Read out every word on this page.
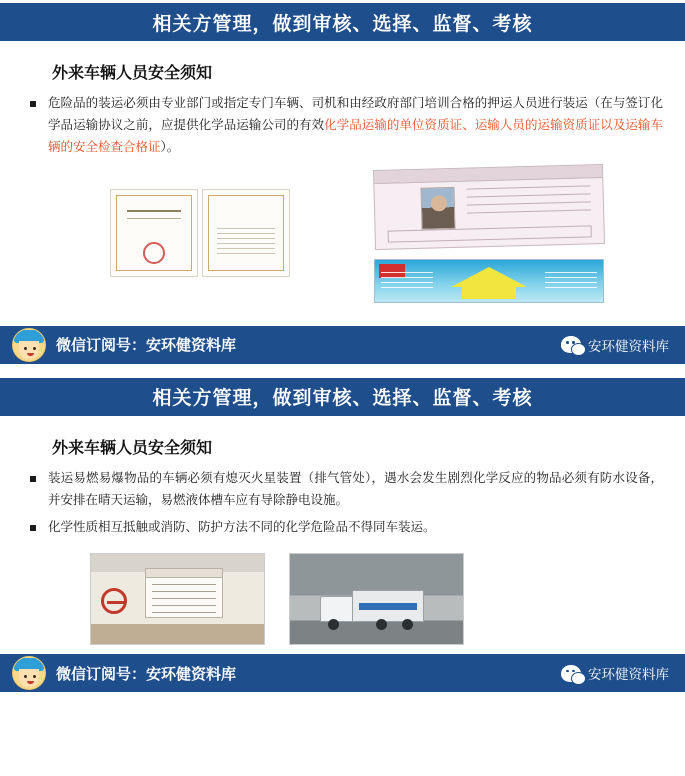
相关方管理，做到审核、选择、监督、考核
外来车辆人员安全须知
危险品的装运必须由专业部门或指定专门车辆、司机和由经政府部门培训合格的押运人员进行装运（在与签订化学品运输协议之前，应提供化学品运输公司的有效化学品运输的单位资质证、运输人员的运输资质证以及运输车辆的安全检查合格证）。
微信订阅号：安环健资料库	安环健资料库
相关方管理，做到审核、选择、监督、考核
外来车辆人员安全须知
装运易燃易爆物品的车辆必须有熄灭火星装置（排气管处），遇水会发生剧烈化学反应的物品必须有防水设备，并安排在晴天运输，易燃液体槽车应有导除静电设施。
化学性质相互抵触或消防、防护方法不同的化学危险品不得同车装运。
微信订阅号：安环健资料库	安环健资料库
